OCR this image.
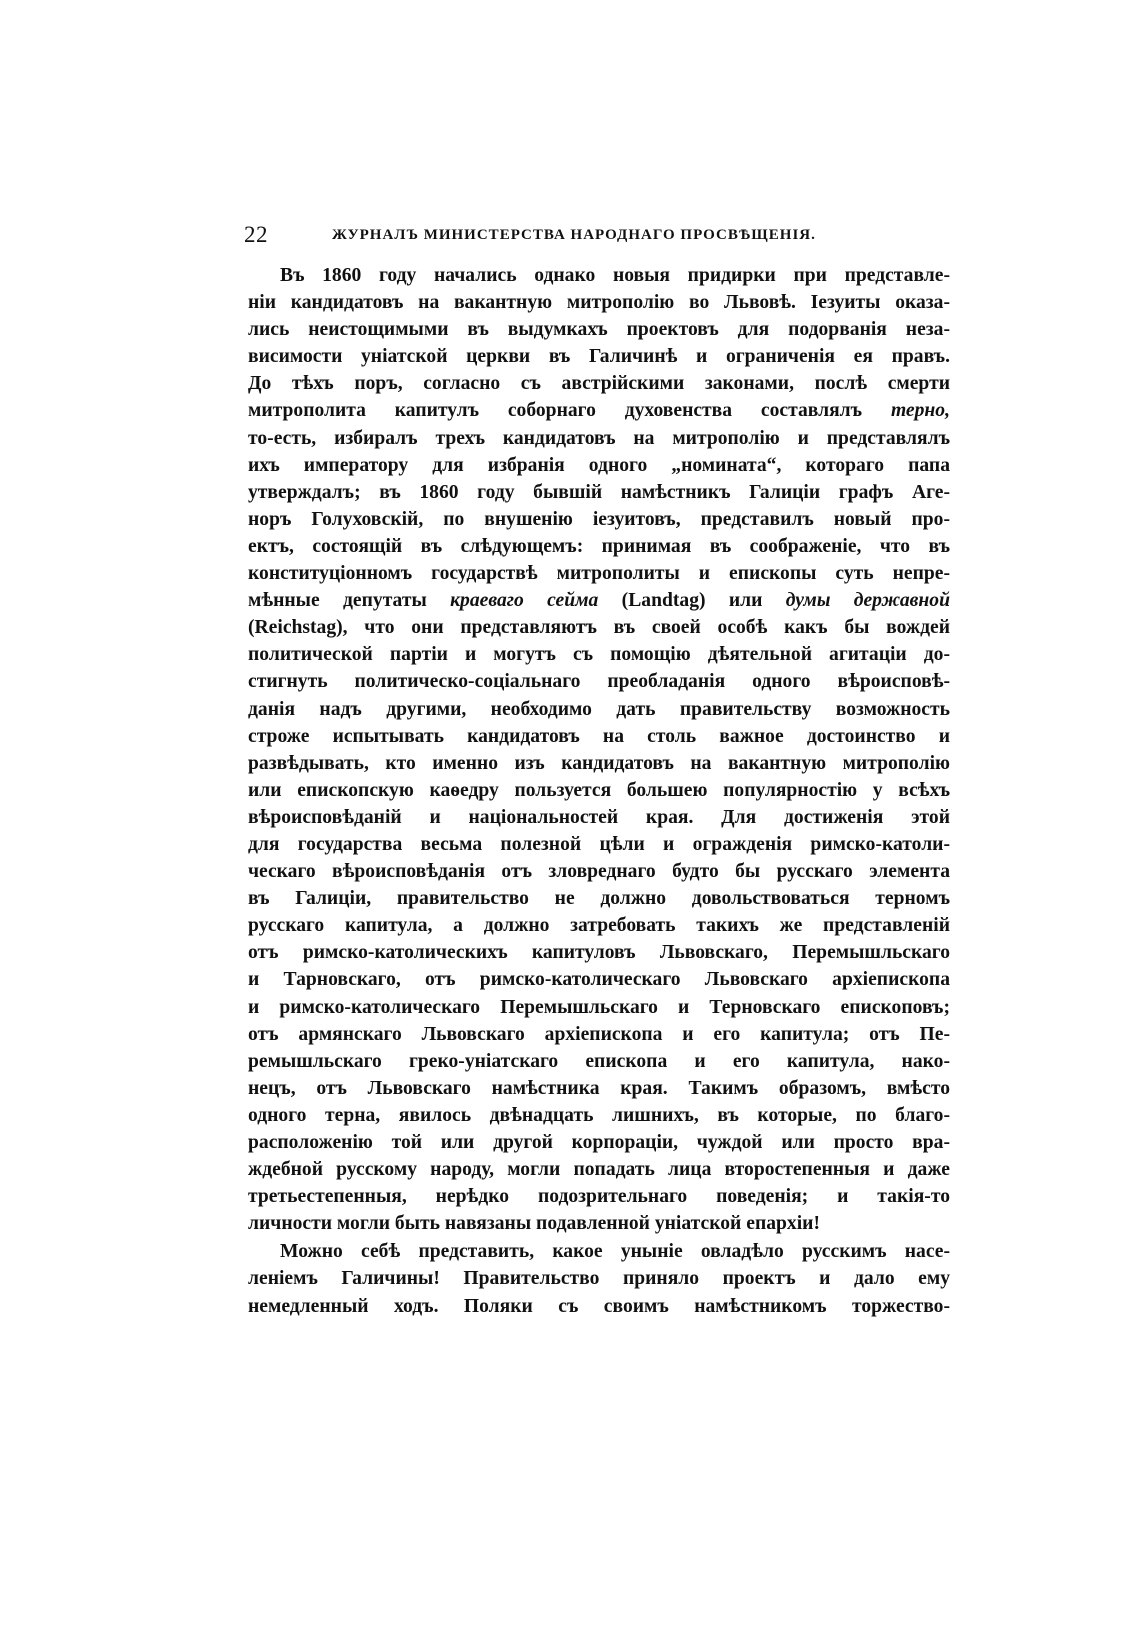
22	ЖУРНАЛЪ МИНИСТЕРСТВА НАРОДНАГО ПРОСВѢЩЕНІЯ.
Въ 1860 году начались однако новыя придирки при представле-
ніи кандидатовъ на вакантную митрополію во Львовѣ. Іезуиты оказа-
лись неистощимыми въ выдумкахъ проектовъ для подорванія неза-
висимости уніатской церкви въ Галичинѣ и ограниченія ея правъ.
До тѣхъ поръ, согласно съ австрійскими законами, послѣ смерти
митрополита капитулъ соборнаго духовенства составлялъ терно,
то-есть, избиралъ трехъ кандидатовъ на митрополію и представлялъ
ихъ императору для избранія одного „номината“, котораго папа
утверждалъ; въ 1860 году бывшій намѣстникъ Галиціи графъ Аге-
норъ Голуховскій, по внушенію іезуитовъ, представилъ новый про-
ектъ, состоящій въ слѣдующемъ: принимая въ соображеніе, что въ
конституціонномъ государствѣ митрополиты и епископы суть непре-
мѣнные депутаты краеваго сейма (Landtag) или думы державной
(Reichstag), что они представляютъ въ своей особѣ какъ бы вождей
политической партіи и могутъ съ помощію дѣятельной агитаціи до-
стигнуть политическо-соціальнаго преобладанія одного вѣроисповѣ-
данія надъ другими, необходимо дать правительству возможность
строже испытывать кандидатовъ на столь важное достоинство и
развѣдывать, кто именно изъ кандидатовъ на вакантную митрополію
или епископскую каѳедру пользуется большею популярностію у всѣхъ
вѣроисповѣданій и національностей края. Для достиженія этой
для государства весьма полезной цѣли и огражденія римско-католи-
ческаго вѣроисповѣданія отъ зловреднаго будто бы русскаго элемента
въ Галиціи, правительство не должно довольствоваться терномъ
русскаго капитула, а должно затребовать такихъ же представленій
отъ римско-католическихъ капитуловъ Львовскаго, Перемышльскаго
и Тарновскаго, отъ римско-католическаго Львовскаго архіепископа
и римско-католическаго Перемышльскаго и Терновскаго епископовъ;
отъ армянскаго Львовскаго архіепископа и его капитула; отъ Пе-
ремышльскаго греко-уніатскаго епископа и его капитула, нако-
нецъ, отъ Львовскаго намѣстника края. Такимъ образомъ, вмѣсто
одного терна, явилось двѣнадцать лишнихъ, въ которые, по благо-
расположенію той или другой корпораціи, чуждой или просто вра-
ждебной русскому народу, могли попадать лица второстепенныя и даже
третьестепенныя, нерѣдко подозрительнаго поведенія; и такія-то
личности могли быть навязаны подавленной уніатской епархіи!
Можно себѣ представить, какое уныніе овладѣло русскимъ насе-
леніемъ Галичины! Правительство приняло проектъ и дало ему
немедленный ходъ. Поляки съ своимъ намѣстникомъ торжество-
